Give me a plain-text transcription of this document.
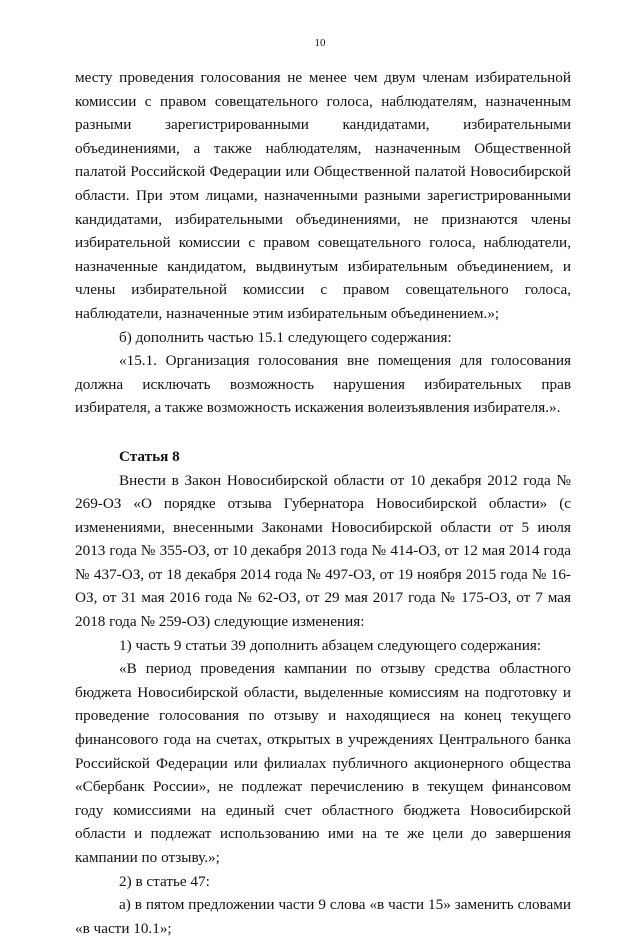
10

месту проведения голосования не менее чем двум членам избирательной комиссии с правом совещательного голоса, наблюдателям, назначенным разными зарегистрированными кандидатами, избирательными объединениями, а также наблюдателям, назначенным Общественной палатой Российской Федерации или Общественной палатой Новосибирской области. При этом лицами, назначенными разными зарегистрированными кандидатами, избирательными объединениями, не признаются члены избирательной комиссии с правом совещательного голоса, наблюдатели, назначенные кандидатом, выдвинутым избирательным объединением, и члены избирательной комиссии с правом совещательного голоса, наблюдатели, назначенные этим избирательным объединением.»;

б) дополнить частью 15.1 следующего содержания:

«15.1. Организация голосования вне помещения для голосования должна исключать возможность нарушения избирательных прав избирателя, а также возможность искажения волеизъявления избирателя.».

Статья 8

Внести в Закон Новосибирской области от 10 декабря 2012 года № 269-ОЗ «О порядке отзыва Губернатора Новосибирской области» (с изменениями, внесенными Законами Новосибирской области от 5 июля 2013 года № 355-ОЗ, от 10 декабря 2013 года № 414-ОЗ, от 12 мая 2014 года № 437-ОЗ, от 18 декабря 2014 года № 497-ОЗ, от 19 ноября 2015 года № 16-ОЗ, от 31 мая 2016 года № 62-ОЗ, от 29 мая 2017 года № 175-ОЗ, от 7 мая 2018 года № 259-ОЗ) следующие изменения:

1) часть 9 статьи 39 дополнить абзацем следующего содержания:

«В период проведения кампании по отзыву средства областного бюджета Новосибирской области, выделенные комиссиям на подготовку и проведение голосования по отзыву и находящиеся на конец текущего финансового года на счетах, открытых в учреждениях Центрального банка Российской Федерации или филиалах публичного акционерного общества «Сбербанк России», не подлежат перечислению в текущем финансовом году комиссиями на единый счет областного бюджета Новосибирской области и подлежат использованию ими на те же цели до завершения кампании по отзыву.»;

2) в статье 47:

а) в пятом предложении части 9 слова «в части 15» заменить словами «в части 10.1»;
